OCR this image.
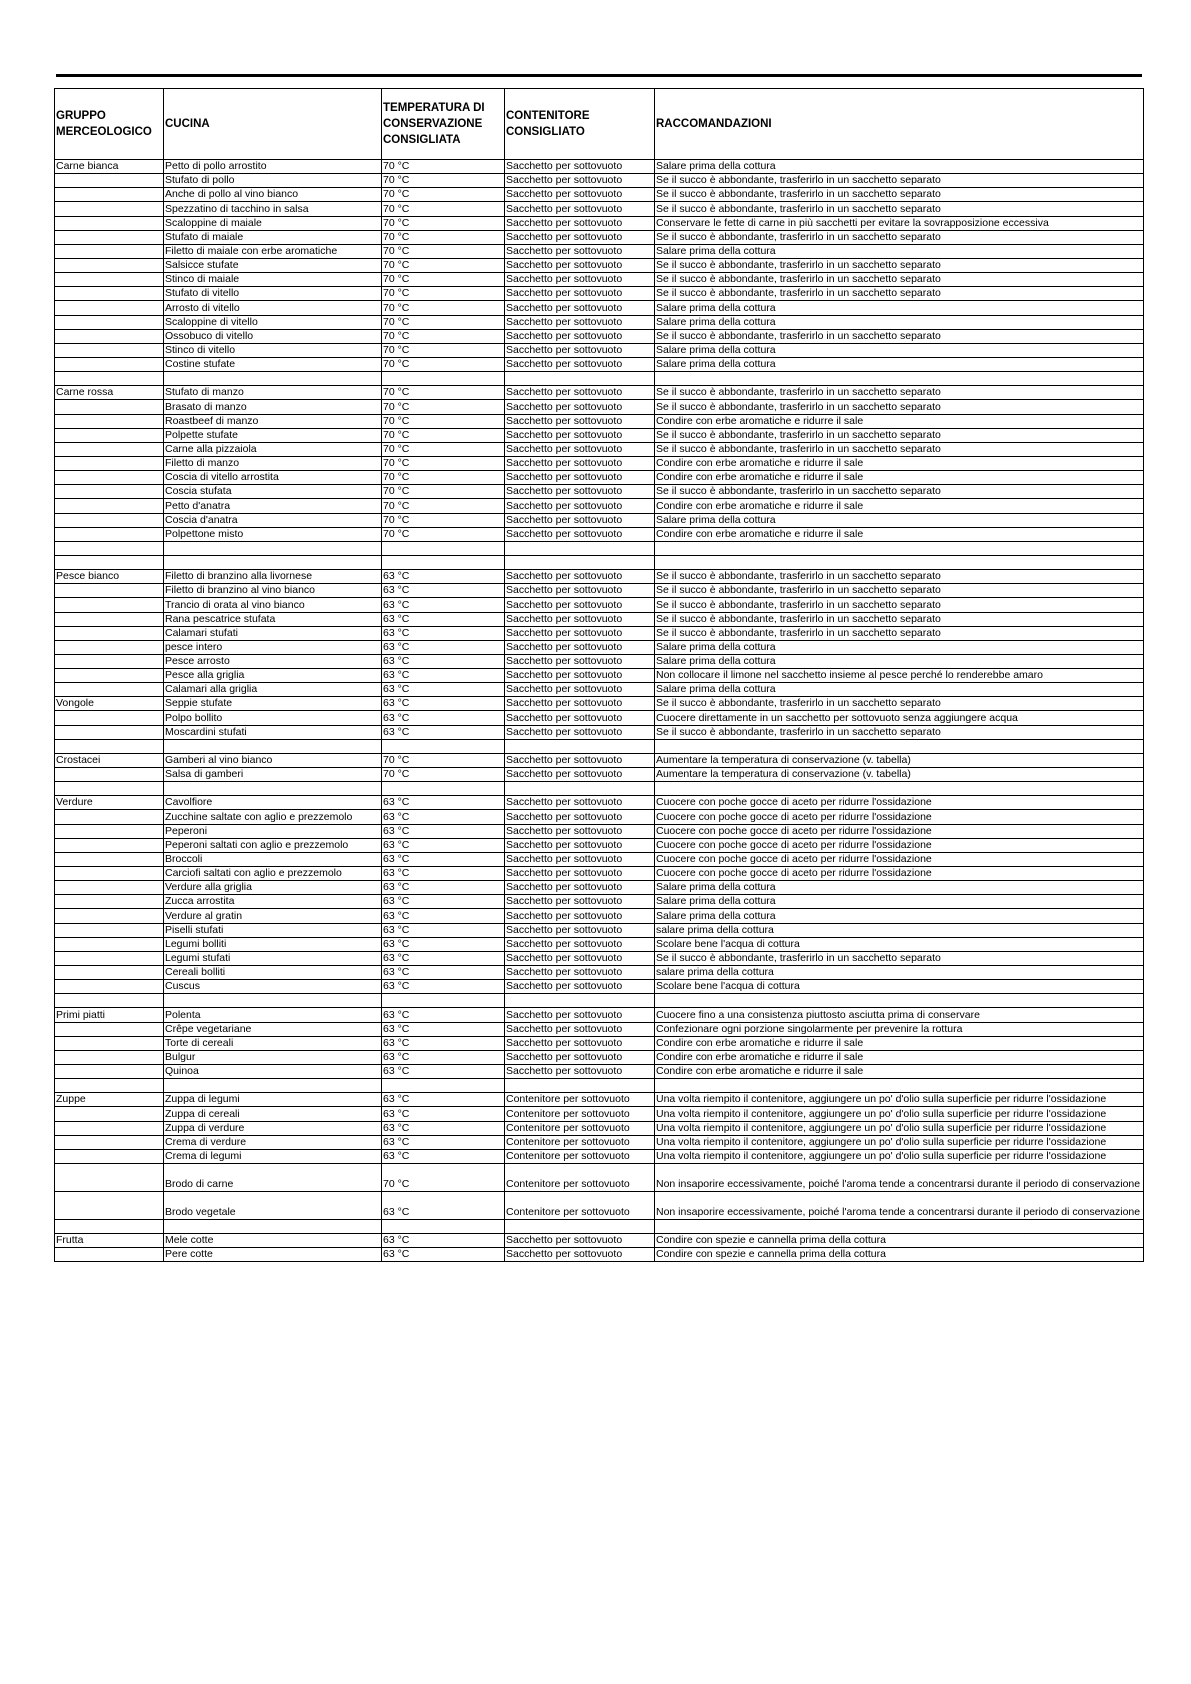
GRUPPO MERCEOLOGICO	CUCINA	TEMPERATURA DI CONSERVAZIONE CONSIGLIATA	CONTENITORE CONSIGLIATO	RACCOMANDAZIONI
Carne bianca	Petto di pollo arrostito	70 °C	Sacchetto per sottovuoto	Salare prima della cottura
	Stufato di pollo	70 °C	Sacchetto per sottovuoto	Se il succo è abbondante, trasferirlo in un sacchetto separato
	Anche di pollo al vino bianco	70 °C	Sacchetto per sottovuoto	Se il succo è abbondante, trasferirlo in un sacchetto separato
	Spezzatino di tacchino in salsa	70 °C	Sacchetto per sottovuoto	Se il succo è abbondante, trasferirlo in un sacchetto separato
	Scaloppine di maiale	70 °C	Sacchetto per sottovuoto	Conservare le fette di carne in più sacchetti per evitare la sovrapposizione eccessiva
	Stufato di maiale	70 °C	Sacchetto per sottovuoto	Se il succo è abbondante, trasferirlo in un sacchetto separato
	Filetto di maiale con erbe aromatiche	70 °C	Sacchetto per sottovuoto	Salare prima della cottura
	Salsicce stufate	70 °C	Sacchetto per sottovuoto	Se il succo è abbondante, trasferirlo in un sacchetto separato
	Stinco di maiale	70 °C	Sacchetto per sottovuoto	Se il succo è abbondante, trasferirlo in un sacchetto separato
	Stufato di vitello	70 °C	Sacchetto per sottovuoto	Se il succo è abbondante, trasferirlo in un sacchetto separato
	Arrosto di vitello	70 °C	Sacchetto per sottovuoto	Salare prima della cottura
	Scaloppine di vitello	70 °C	Sacchetto per sottovuoto	Salare prima della cottura
	Ossobuco di vitello	70 °C	Sacchetto per sottovuoto	Se il succo è abbondante, trasferirlo in un sacchetto separato
	Stinco di vitello	70 °C	Sacchetto per sottovuoto	Salare prima della cottura
	Costine stufate	70 °C	Sacchetto per sottovuoto	Salare prima della cottura

Carne rossa	Stufato di manzo	70 °C	Sacchetto per sottovuoto	Se il succo è abbondante, trasferirlo in un sacchetto separato
	Brasato di manzo	70 °C	Sacchetto per sottovuoto	Se il succo è abbondante, trasferirlo in un sacchetto separato
	Roastbeef di manzo	70 °C	Sacchetto per sottovuoto	Condire con erbe aromatiche e ridurre il sale
	Polpette stufate	70 °C	Sacchetto per sottovuoto	Se il succo è abbondante, trasferirlo in un sacchetto separato
	Carne alla pizzaiola	70 °C	Sacchetto per sottovuoto	Se il succo è abbondante, trasferirlo in un sacchetto separato
	Filetto di manzo	70 °C	Sacchetto per sottovuoto	Condire con erbe aromatiche e ridurre il sale
	Coscia di vitello arrostita	70 °C	Sacchetto per sottovuoto	Condire con erbe aromatiche e ridurre il sale
	Coscia stufata	70 °C	Sacchetto per sottovuoto	Se il succo è abbondante, trasferirlo in un sacchetto separato
	Petto d'anatra	70 °C	Sacchetto per sottovuoto	Condire con erbe aromatiche e ridurre il sale
	Coscia d'anatra	70 °C	Sacchetto per sottovuoto	Salare prima della cottura
	Polpettone misto	70 °C	Sacchetto per sottovuoto	Condire con erbe aromatiche e ridurre il sale

Pesce bianco	Filetto di branzino alla livornese	63 °C	Sacchetto per sottovuoto	Se il succo è abbondante, trasferirlo in un sacchetto separato
	Filetto di branzino al vino bianco	63 °C	Sacchetto per sottovuoto	Se il succo è abbondante, trasferirlo in un sacchetto separato
	Trancio di orata al vino bianco	63 °C	Sacchetto per sottovuoto	Se il succo è abbondante, trasferirlo in un sacchetto separato
	Rana pescatrice stufata	63 °C	Sacchetto per sottovuoto	Se il succo è abbondante, trasferirlo in un sacchetto separato
	Calamari stufati	63 °C	Sacchetto per sottovuoto	Se il succo è abbondante, trasferirlo in un sacchetto separato
	pesce intero	63 °C	Sacchetto per sottovuoto	Salare prima della cottura
	Pesce arrosto	63 °C	Sacchetto per sottovuoto	Salare prima della cottura
	Pesce alla griglia	63 °C	Sacchetto per sottovuoto	Non collocare il limone nel sacchetto insieme al pesce perché lo renderebbe amaro
	Calamari alla griglia	63 °C	Sacchetto per sottovuoto	Salare prima della cottura
Vongole	Seppie stufate	63 °C	Sacchetto per sottovuoto	Se il succo è abbondante, trasferirlo in un sacchetto separato
	Polpo bollito	63 °C	Sacchetto per sottovuoto	Cuocere direttamente in un sacchetto per sottovuoto senza aggiungere acqua
	Moscardini stufati	63 °C	Sacchetto per sottovuoto	Se il succo è abbondante, trasferirlo in un sacchetto separato

Crostacei	Gamberi al vino bianco	70 °C	Sacchetto per sottovuoto	Aumentare la temperatura di conservazione (v. tabella)
	Salsa di gamberi	70 °C	Sacchetto per sottovuoto	Aumentare la temperatura di conservazione (v. tabella)

Verdure	Cavolfiore	63 °C	Sacchetto per sottovuoto	Cuocere con poche gocce di aceto per ridurre l'ossidazione
	Zucchine saltate con aglio e prezzemolo	63 °C	Sacchetto per sottovuoto	Cuocere con poche gocce di aceto per ridurre l'ossidazione
	Peperoni	63 °C	Sacchetto per sottovuoto	Cuocere con poche gocce di aceto per ridurre l'ossidazione
	Peperoni saltati con aglio e prezzemolo	63 °C	Sacchetto per sottovuoto	Cuocere con poche gocce di aceto per ridurre l'ossidazione
	Broccoli	63 °C	Sacchetto per sottovuoto	Cuocere con poche gocce di aceto per ridurre l'ossidazione
	Carciofi saltati con aglio e prezzemolo	63 °C	Sacchetto per sottovuoto	Cuocere con poche gocce di aceto per ridurre l'ossidazione
	Verdure alla griglia	63 °C	Sacchetto per sottovuoto	Salare prima della cottura
	Zucca arrostita	63 °C	Sacchetto per sottovuoto	Salare prima della cottura
	Verdure al gratin	63 °C	Sacchetto per sottovuoto	Salare prima della cottura
	Piselli stufati	63 °C	Sacchetto per sottovuoto	salare prima della cottura
	Legumi bolliti	63 °C	Sacchetto per sottovuoto	Scolare bene l'acqua di cottura
	Legumi stufati	63 °C	Sacchetto per sottovuoto	Se il succo è abbondante, trasferirlo in un sacchetto separato
	Cereali bolliti	63 °C	Sacchetto per sottovuoto	salare prima della cottura
	Cuscus	63 °C	Sacchetto per sottovuoto	Scolare bene l'acqua di cottura

Primi piatti	Polenta	63 °C	Sacchetto per sottovuoto	Cuocere fino a una consistenza piuttosto asciutta prima di conservare
	Crêpe vegetariane	63 °C	Sacchetto per sottovuoto	Confezionare ogni porzione singolarmente per prevenire la rottura
	Torte di cereali	63 °C	Sacchetto per sottovuoto	Condire con erbe aromatiche e ridurre il sale
	Bulgur	63 °C	Sacchetto per sottovuoto	Condire con erbe aromatiche e ridurre il sale
	Quinoa	63 °C	Sacchetto per sottovuoto	Condire con erbe aromatiche e ridurre il sale

Zuppe	Zuppa di legumi	63 °C	Contenitore per sottovuoto	Una volta riempito il contenitore, aggiungere un po' d'olio sulla superficie per ridurre l'ossidazione
	Zuppa di cereali	63 °C	Contenitore per sottovuoto	Una volta riempito il contenitore, aggiungere un po' d'olio sulla superficie per ridurre l'ossidazione
	Zuppa di verdure	63 °C	Contenitore per sottovuoto	Una volta riempito il contenitore, aggiungere un po' d'olio sulla superficie per ridurre l'ossidazione
	Crema di verdure	63 °C	Contenitore per sottovuoto	Una volta riempito il contenitore, aggiungere un po' d'olio sulla superficie per ridurre l'ossidazione
	Crema di legumi	63 °C	Contenitore per sottovuoto	Una volta riempito il contenitore, aggiungere un po' d'olio sulla superficie per ridurre l'ossidazione
	Brodo di carne	70 °C	Contenitore per sottovuoto	Non insaporire eccessivamente, poiché l'aroma tende a concentrarsi durante il periodo di conservazione
	Brodo vegetale	63 °C	Contenitore per sottovuoto	Non insaporire eccessivamente, poiché l'aroma tende a concentrarsi durante il periodo di conservazione

Frutta	Mele cotte	63 °C	Sacchetto per sottovuoto	Condire con spezie e cannella prima della cottura
	Pere cotte	63 °C	Sacchetto per sottovuoto	Condire con spezie e cannella prima della cottura
